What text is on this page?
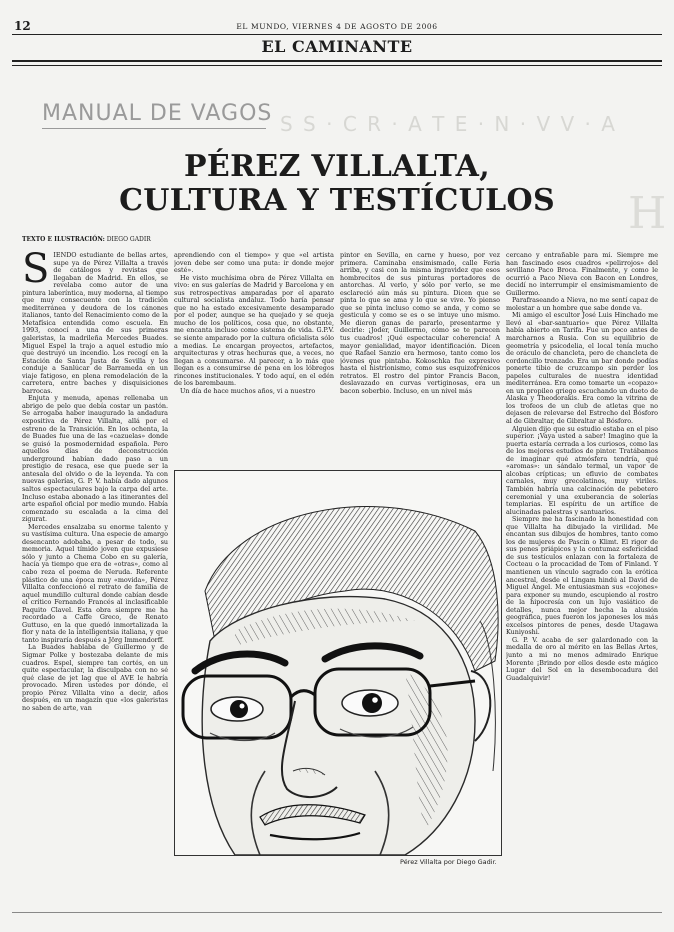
12	EL MUNDO, VIERNES 4 DE AGOSTO DE 2006
EL CAMINANTE
S S · C R · A T E · N · V V · A
H
MANUAL DE VAGOS
PÉREZ VILLALTA,
CULTURA Y TESTÍCULOS
TEXTO E ILUSTRACIÓN: DIEGO GADIR
S IENDO estudiante de bellas artes, supe ya de Pérez Villalta a través de catálogos y revistas que llegaban de Madrid. En ellos, se revelaba como autor de una pintura laberíntica, muy moderna, al tiempo que muy consecuente con la tradición mediterránea y deudora de los cánones italianos, tanto del Renacimiento como de la Metafísica entendida como escuela. En 1993, conocí a una de sus primeras galeristas, la madrileña Mercedes Buades. Miguel Espel la trajo a aquel estudio mío que destruyó un incendio. Los recogí en la Estación de Santa Justa de Sevilla y los conduje a Sanlúcar de Barrameda en un viaje fatigoso, en plena remodelación de la carretera, entre baches y disquisiciones barrocas.

Enjuta y menuda, apenas rellenaba un abrigo de pelo que debía costar un pastón. Se arrogaba haber inaugurado la andadura expositiva de Pérez Villalta, allá por el estreno de la Transición. En los ochenta, la de Buades fue una de las «cazuelas» donde se guisó la posmodernidad española. Pero aquellos días de deconstrucción underground habían dado paso a un prestigio de resaca, ese que puede ser la antesala del olvido o de la leyenda. Ya con nuevas galerías, G. P. V. había dado algunos saltos espectaculares bajo la carpa del arte. Incluso estaba abonado a las itinerantes del arte español oficial por medio mundo. Había comenzado su escalada a la cima del zigurat.

Mercedes ensalzaba su enorme talento y su vastísima cultura. Una especie de amargo desencanto adobaba, a pesar de todo, su memoria. Aquel tímido joven que expusiese sólo y junto a Chema Cobo en su galería, hacía ya tiempo que era de «otras», como al cabo reza el poema de Neruda. Referente plástico de una época muy «movida», Pérez Villalta confeccionó el retrato de familia de aquel mundillo cultural donde cabían desde el crítico Fernando Francés al inclasificable Paquito Clavel. Esta obra siempre me ha recordado a Caffe Greco, de Renato Guttuso, en la que quedó inmortalizada la flor y nata de la intelligentsia italiana, y que tanto inspiraría después a Jörg Immendorff.

La Buades hablaba de Guillermo y de Sigmar Polke y bostezaba delante de mis cuadros. Espel, siempre tan cortés, en un quite espectacular, la disculpaba con no sé qué clase de jet lag que el AVE le habría provocado. Miren ustedes por dónde, el propio Pérez Villalta vino a decir, años después, en un magazín que «los galeristas no saben de arte, van

aprendiendo con el tiempo» y que «el artista joven debe ser como una puta: ir donde mejor esté».

He visto muchísima obra de Pérez Villalta en vivo: en sus galerías de Madrid y Barcelona y en sus retrospectivas amparadas por el aparato cultural socialista andaluz. Todo haría pensar que no ha estado excesivamente desamparado por el poder, aunque se ha quejado y se queja mucho de los políticos, cosa que, no obstante, me encanta incluso como sistema de vida. G.P.V. se siente amparado por la cultura oficialista sólo a medias. Le encargan proyectos, artefactos, arquitecturas y otras hechuras que, a veces, no llegan a consumarse. Al parecer, a lo más que llegan es a consumirse de pena en los lóbregos rincones institucionales. Y todo aquí, en el edén de los barembaum.

Un día de hace muchos años, vi a nuestro

pintor en Sevilla, en carne y hueso, por vez primera. Caminaba ensimismado, calle Feria arriba, y casi con la misma ingravidez que esos hombrecitos de sus pinturas portadores de antorchas. Al verlo, y sólo por verlo, se me esclareció aún más su pintura. Dicen que se pinta lo que se ama y lo que se vive. Yo pienso que se pinta incluso como se anda, y como se gesticula y como se es o se intuye uno mismo. Me dieron ganas de pararlo, presentarme y decirle: ¡Joder, Guillermo, cómo se te parecen tus cuadros! ¡Qué espectacular coherencia! A mayor genialidad, mayor identificación. Dicen que Rafael Sanzio era hermoso, tanto como los jóvenes que pintaba. Kokoschka fue expresivo hasta el histrionismo, como sus esquizofrénicos retratos. El rostro del pintor Francis Bacon, deslavazado en curvas vertiginosas, era un bacon soberbio. Incluso, en un nivel más

cercano y entrañable para mí. Siempre me han fascinado esos cuadros «pelirrojos» del sevillano Paco Broca. Finalmente, y como le ocurrió a Paco Nieva con Bacon en Londres, decidí no interrumpir el ensimismamiento de Guillermo.

Parafraseando a Nieva, no me sentí capaz de molestar a un hombre que sabe donde va.

Mi amigo el escultor José Luis Hinchado me llevó al «bar-santuario» que Pérez Villalta había abierto en Tarifa. Fue un poco antes de marcharnos a Rusia. Con su equilibrio de geometría y psicodelia, el local tenía mucho de oráculo de chancleta, pero de chancleta de cordoncillo trenzado. Era un bar donde podías ponerte tibio de cruzcampo sin perder los papeles culturales de nuestra identidad mediterránea. Era como tomarte un «copazo» en un propileo griego escuchando un dueto de Alaska y Theodorakis. Era como la vitrina de los trofeos de un club de atletas que no dejasen de relevarse del Estrecho del Bósforo al de Gibraltar, de Gibraltar al Bósforo.

Alguien dijo que su estudio estaba en el piso superior. ¡Vaya usted a saber! Imagino que la puerta estaría cerrada a los curiosos, como las de los mejores estudios de pintor. Tratábamos de imaginar qué atmósfera tendría, qué «aromas»: un sándalo termal, un vapor de alcobas crípticas; un efluvio de combates carnales, muy grecolatinos, muy viriles. También habría una calcinación de pebetero ceremonial y una exuberancia de solerías templarias. El espíritu de un artífice de alucinadas palestras y santuarios.

Siempre me ha fascinado la honestidad con que Villalta ha dibujado la virilidad. Me encantan sus dibujos de hombres, tanto como los de mujeres de Pascin o Klimt. El rigor de sus penes priápicos y la contumaz esfericidad de sus testículos enlazan con la fortaleza de Cocteau o la procacidad de Tom of Finland. Y mantienen un vínculo sagrado con la erótica ancestral, desde el Lingam hindú al David de Miguel Ángel. Me entusiasman sus «cojones» para exponer su mundo, escupiendo al rostro de la hipocresía con un lujo vasiático de detalles, nunca mejor hecha la alusión geográfica, pues fueron los japoneses los más excelsos pintores de penes, desde Utagawa Kuniyoshi.

G. P. V. acaba de ser galardonado con la medalla de oro al mérito en las Bellas Artes, junto a mi no menos admirado Enrique Morente ¡Brindo por ellos desde este mágico Lugar del Sol en la desembocadura del Guadalquivir!

Pérez Villalta por Diego Gadir.
